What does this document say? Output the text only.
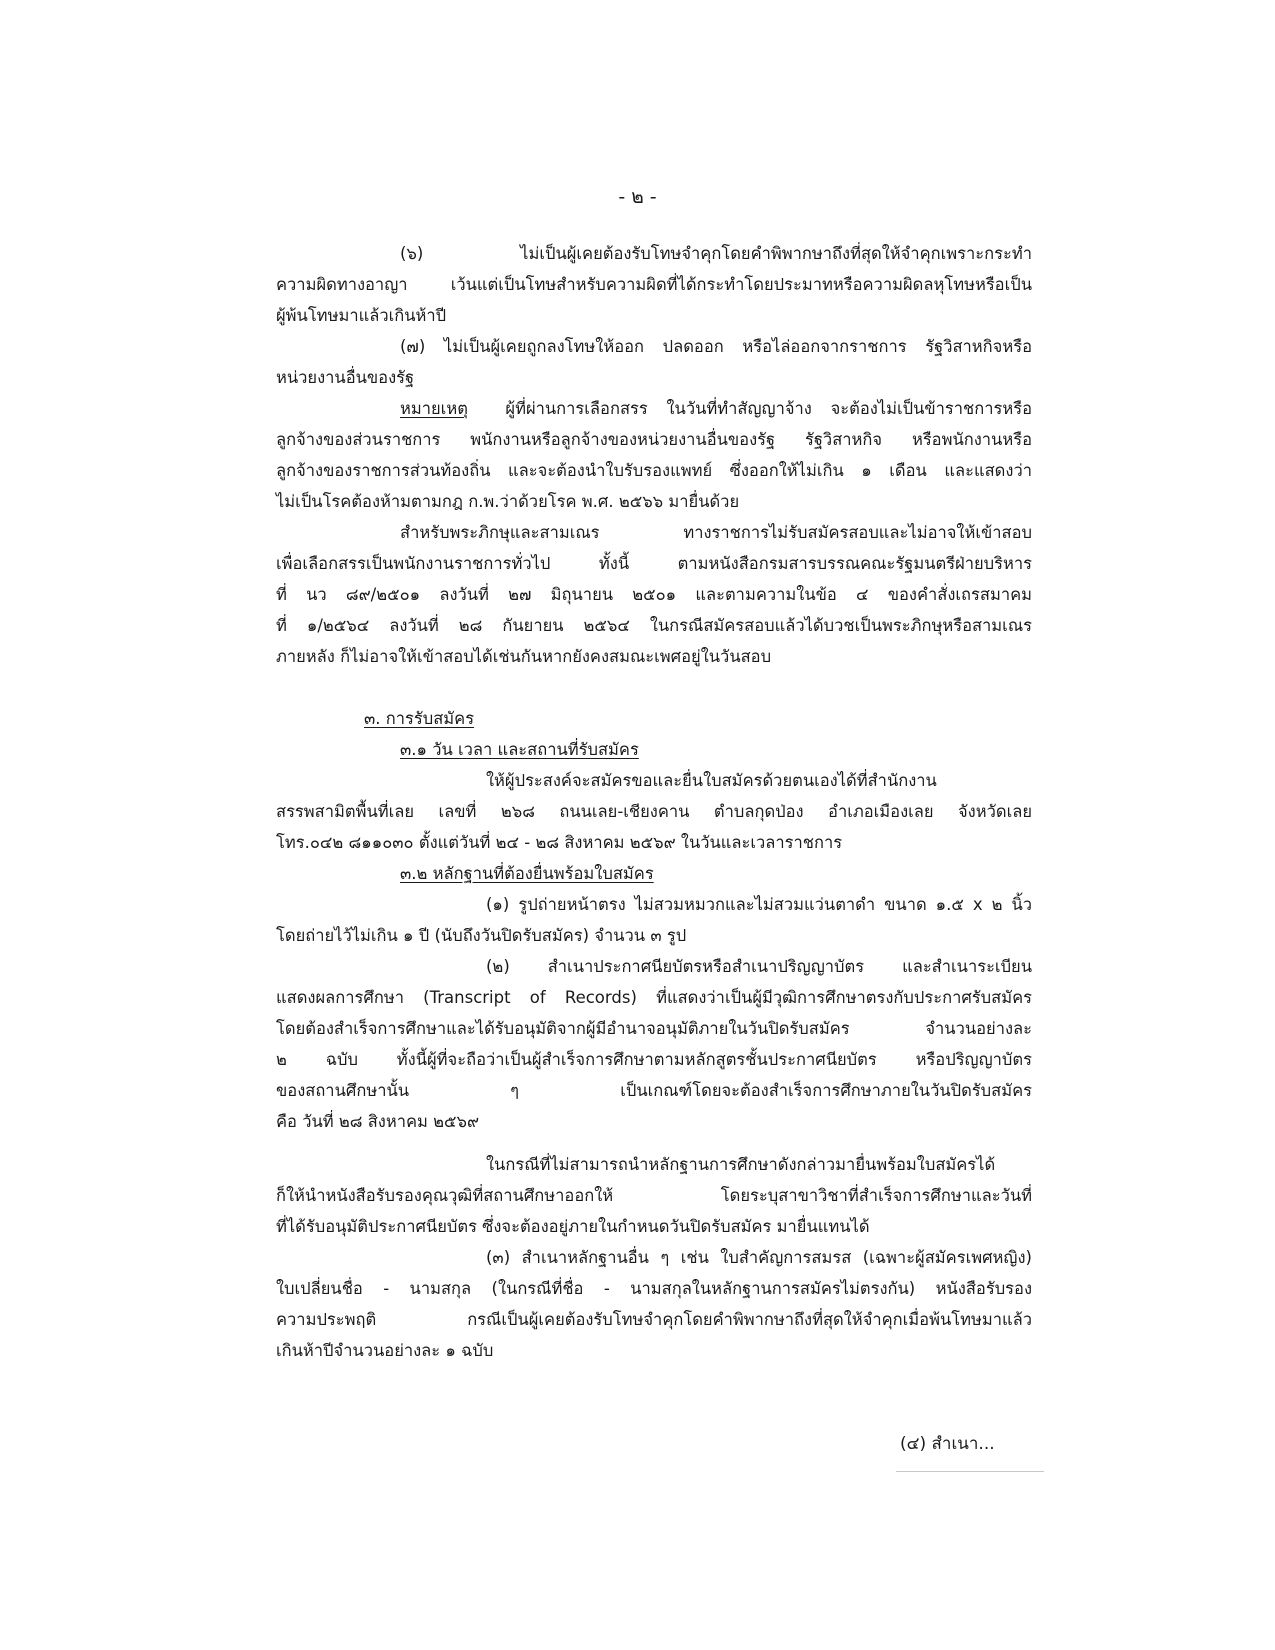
- ๒ -

(๖) ไม่เป็นผู้เคยต้องรับโทษจำคุกโดยคำพิพากษาถึงที่สุดให้จำคุกเพราะกระทำ

ความผิดทางอาญา เว้นแต่เป็นโทษสำหรับความผิดที่ได้กระทำโดยประมาทหรือความผิดลหุโทษหรือเป็น

ผู้พ้นโทษมาแล้วเกินห้าปี

(๗) ไม่เป็นผู้เคยถูกลงโทษให้ออก ปลดออก หรือไล่ออกจากราชการ รัฐวิสาหกิจหรือ

หน่วยงานอื่นของรัฐ

หมายเหตุ ผู้ที่ผ่านการเลือกสรร ในวันที่ทำสัญญาจ้าง จะต้องไม่เป็นข้าราชการหรือ

ลูกจ้างของส่วนราชการ พนักงานหรือลูกจ้างของหน่วยงานอื่นของรัฐ รัฐวิสาหกิจ หรือพนักงานหรือ

ลูกจ้างของราชการส่วนท้องถิ่น และจะต้องนำใบรับรองแพทย์ ซึ่งออกให้ไม่เกิน ๑ เดือน และแสดงว่า

ไม่เป็นโรคต้องห้ามตามกฎ ก.พ.ว่าด้วยโรค พ.ศ. ๒๕๖๖ มายื่นด้วย

สำหรับพระภิกษุและสามเณร ทางราชการไม่รับสมัครสอบและไม่อาจให้เข้าสอบ

เพื่อเลือกสรรเป็นพนักงานราชการทั่วไป ทั้งนี้ ตามหนังสือกรมสารบรรณคณะรัฐมนตรีฝ่ายบริหาร

ที่ นว ๘๙/๒๕๐๑ ลงวันที่ ๒๗ มิถุนายน ๒๕๐๑ และตามความในข้อ ๔ ของคำสั่งเถรสมาคม

ที่ ๑/๒๕๖๔ ลงวันที่ ๒๘ กันยายน ๒๕๖๔ ในกรณีสมัครสอบแล้วได้บวชเป็นพระภิกษุหรือสามเณร

ภายหลัง ก็ไม่อาจให้เข้าสอบได้เช่นกันหากยังคงสมณะเพศอยู่ในวันสอบ

๓. การรับสมัคร

๓.๑ วัน เวลา และสถานที่รับสมัคร

ให้ผู้ประสงค์จะสมัครขอและยื่นใบสมัครด้วยตนเองได้ที่สำนักงาน

สรรพสามิตพื้นที่เลย เลขที่ ๒๖๘ ถนนเลย-เชียงคาน ตำบลกุดป่อง อำเภอเมืองเลย จังหวัดเลย

โทร.๐๔๒ ๘๑๑๐๓๐ ตั้งแต่วันที่ ๒๔ - ๒๘ สิงหาคม ๒๕๖๙ ในวันและเวลาราชการ

๓.๒ หลักฐานที่ต้องยื่นพร้อมใบสมัคร

(๑) รูปถ่ายหน้าตรง ไม่สวมหมวกและไม่สวมแว่นตาดำ ขนาด ๑.๕ x ๒ นิ้ว

โดยถ่ายไว้ไม่เกิน ๑ ปี (นับถึงวันปิดรับสมัคร) จำนวน ๓ รูป

(๒) สำเนาประกาศนียบัตรหรือสำเนาปริญญาบัตร และสำเนาระเบียน

แสดงผลการศึกษา (Transcript of Records) ที่แสดงว่าเป็นผู้มีวุฒิการศึกษาตรงกับประกาศรับสมัคร

โดยต้องสำเร็จการศึกษาและได้รับอนุมัติจากผู้มีอำนาจอนุมัติภายในวันปิดรับสมัคร จำนวนอย่างละ

๒ ฉบับ ทั้งนี้ผู้ที่จะถือว่าเป็นผู้สำเร็จการศึกษาตามหลักสูตรชั้นประกาศนียบัตร หรือปริญญาบัตร

ของสถานศึกษานั้น ๆ เป็นเกณฑ์โดยจะต้องสำเร็จการศึกษาภายในวันปิดรับสมัคร

คือ วันที่ ๒๘ สิงหาคม ๒๕๖๙

ในกรณีที่ไม่สามารถนำหลักฐานการศึกษาดังกล่าวมายื่นพร้อมใบสมัครได้

ก็ให้นำหนังสือรับรองคุณวุฒิที่สถานศึกษาออกให้ โดยระบุสาขาวิชาที่สำเร็จการศึกษาและวันที่

ที่ได้รับอนุมัติประกาศนียบัตร ซึ่งจะต้องอยู่ภายในกำหนดวันปิดรับสมัคร มายื่นแทนได้

(๓) สำเนาหลักฐานอื่น ๆ เช่น ใบสำคัญการสมรส (เฉพาะผู้สมัครเพศหญิง)

ใบเปลี่ยนชื่อ - นามสกุล (ในกรณีที่ชื่อ - นามสกุลในหลักฐานการสมัครไม่ตรงกัน) หนังสือรับรอง

ความประพฤติ กรณีเป็นผู้เคยต้องรับโทษจำคุกโดยคำพิพากษาถึงที่สุดให้จำคุกเมื่อพ้นโทษมาแล้ว

เกินห้าปีจำนวนอย่างละ ๑ ฉบับ

(๔) สำเนา...
